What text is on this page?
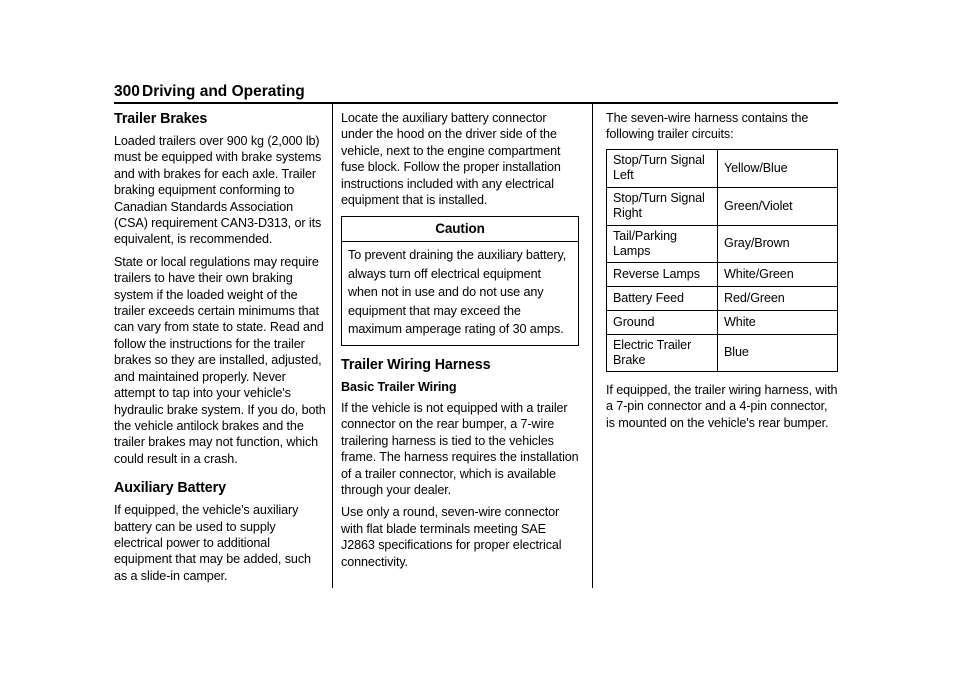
300 Driving and Operating
Trailer Brakes

Loaded trailers over 900 kg (2,000 lb) must be equipped with brake systems and with brakes for each axle. Trailer braking equipment conforming to Canadian Standards Association (CSA) requirement CAN3-D313, or its equivalent, is recommended.

State or local regulations may require trailers to have their own braking system if the loaded weight of the trailer exceeds certain minimums that can vary from state to state. Read and follow the instructions for the trailer brakes so they are installed, adjusted, and maintained properly. Never attempt to tap into your vehicle's hydraulic brake system. If you do, both the vehicle antilock brakes and the trailer brakes may not function, which could result in a crash.

Auxiliary Battery

If equipped, the vehicle's auxiliary battery can be used to supply electrical power to additional equipment that may be added, such as a slide-in camper.

Locate the auxiliary battery connector under the hood on the driver side of the vehicle, next to the engine compartment fuse block. Follow the proper installation instructions included with any electrical equipment that is installed.

Caution
To prevent draining the auxiliary battery, always turn off electrical equipment when not in use and do not use any equipment that may exceed the maximum amperage rating of 30 amps.
Trailer Wiring Harness
Basic Trailer Wiring

If the vehicle is not equipped with a trailer connector on the rear bumper, a 7-wire trailering harness is tied to the vehicles frame. The harness requires the installation of a trailer connector, which is available through your dealer.

Use only a round, seven-wire connector with flat blade terminals meeting SAE J2863 specifications for proper electrical connectivity.

The seven-wire harness contains the following trailer circuits:

Stop/Turn Signal Left	Yellow/Blue
Stop/Turn Signal Right	Green/Violet
Tail/Parking Lamps	Gray/Brown
Reverse Lamps	White/Green
Battery Feed	Red/Green
Ground	White
Electric Trailer Brake	Blue

If equipped, the trailer wiring harness, with a 7-pin connector and a 4-pin connector, is mounted on the vehicle's rear bumper.
